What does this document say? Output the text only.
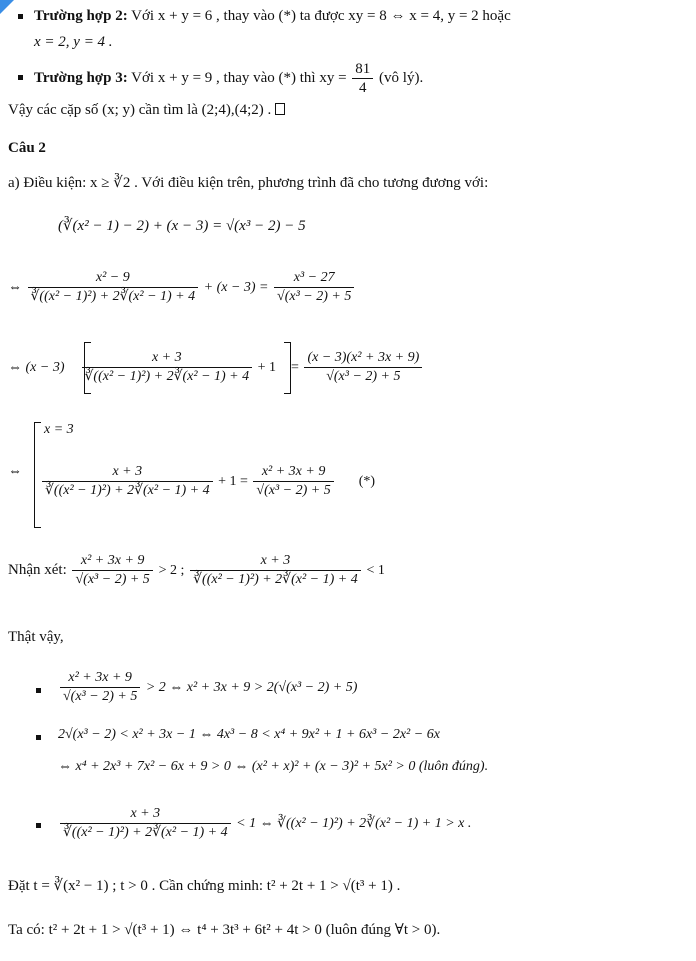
Trường hợp 2: Với x + y = 6 , thay vào (*) ta được xy = 8 ⇔ x = 4, y = 2 hoặc
x = 2, y = 4 .
Trường hợp 3: Với x + y = 9 , thay vào (*) thì xy = $\frac{81}{4}$ (vô lý).
Vậy các cặp số (x; y) cần tìm là (2;4),(4;2) .
Câu 2
a) Điều kiện: x ≥ ∛2 . Với điều kiện trên, phương trình đã cho tương đương với:
(∛(x² − 1) − 2) + (x − 3) = √(x³ − 2) − 5
⇔ $\frac{\text{x² − 9}}{\text{∛((x² − 1)²) + 2∛(x² − 1) + 4}} + (x - 3) = \frac{\text{x³ − 27}}{\text{√(x³ − 2) + 5}}$
⇔ $(x - 3) \frac{x + 3}{\text{∛((x² − 1)²) + 2∛(x² − 1) + 4}} + 1 = \frac{\text{(x − 3)(x² + 3x + 9)}}{\text{√(x³ − 2) + 5}}$
⇔
x = 3
$\frac{x + 3}{\text{∛((x² − 1)²) + 2∛(x² − 1) + 4}} + 1 = \frac{\text{x² + 3x + 9}}{\text{√(x³ − 2) + 5}}$ (*)
Nhận xét: $\frac{\text{x² + 3x + 9}}{\text{√(x³ − 2) + 5}} > 2$ ; $\frac{x + 3}{\text{∛((x² − 1)²) + 2∛(x² − 1) + 4}} < 1$
Thật vậy,
$\frac{\text{x² + 3x + 9}}{\text{√(x³ − 2) + 5}} > 2$ ⇔ x² + 3x + 9 > 2(√(x³ − 2) + 5)
2√(x³ − 2) < x² + 3x − 1 ⇔ 4x³ − 8 < x⁴ + 9x² + 1 + 6x³ − 2x² − 6x
⇔ x⁴ + 2x³ + 7x² − 6x + 9 > 0 ⇔ (x² + x)² + (x − 3)² + 5x² > 0 (luôn đúng).
$\frac{x + 3}{\text{∛((x² − 1)²) + 2∛(x² − 1) + 4}} < 1$ ⇔ ∛((x² − 1)²) + 2∛(x² − 1) + 1 > x .
Đặt t = ∛(x² − 1) ; t > 0 . Cần chứng minh: t² + 2t + 1 > √(t³ + 1) .
Ta có: t² + 2t + 1 > √(t³ + 1) ⇔ t⁴ + 3t³ + 6t² + 4t > 0 (luôn đúng ∀t > 0).
